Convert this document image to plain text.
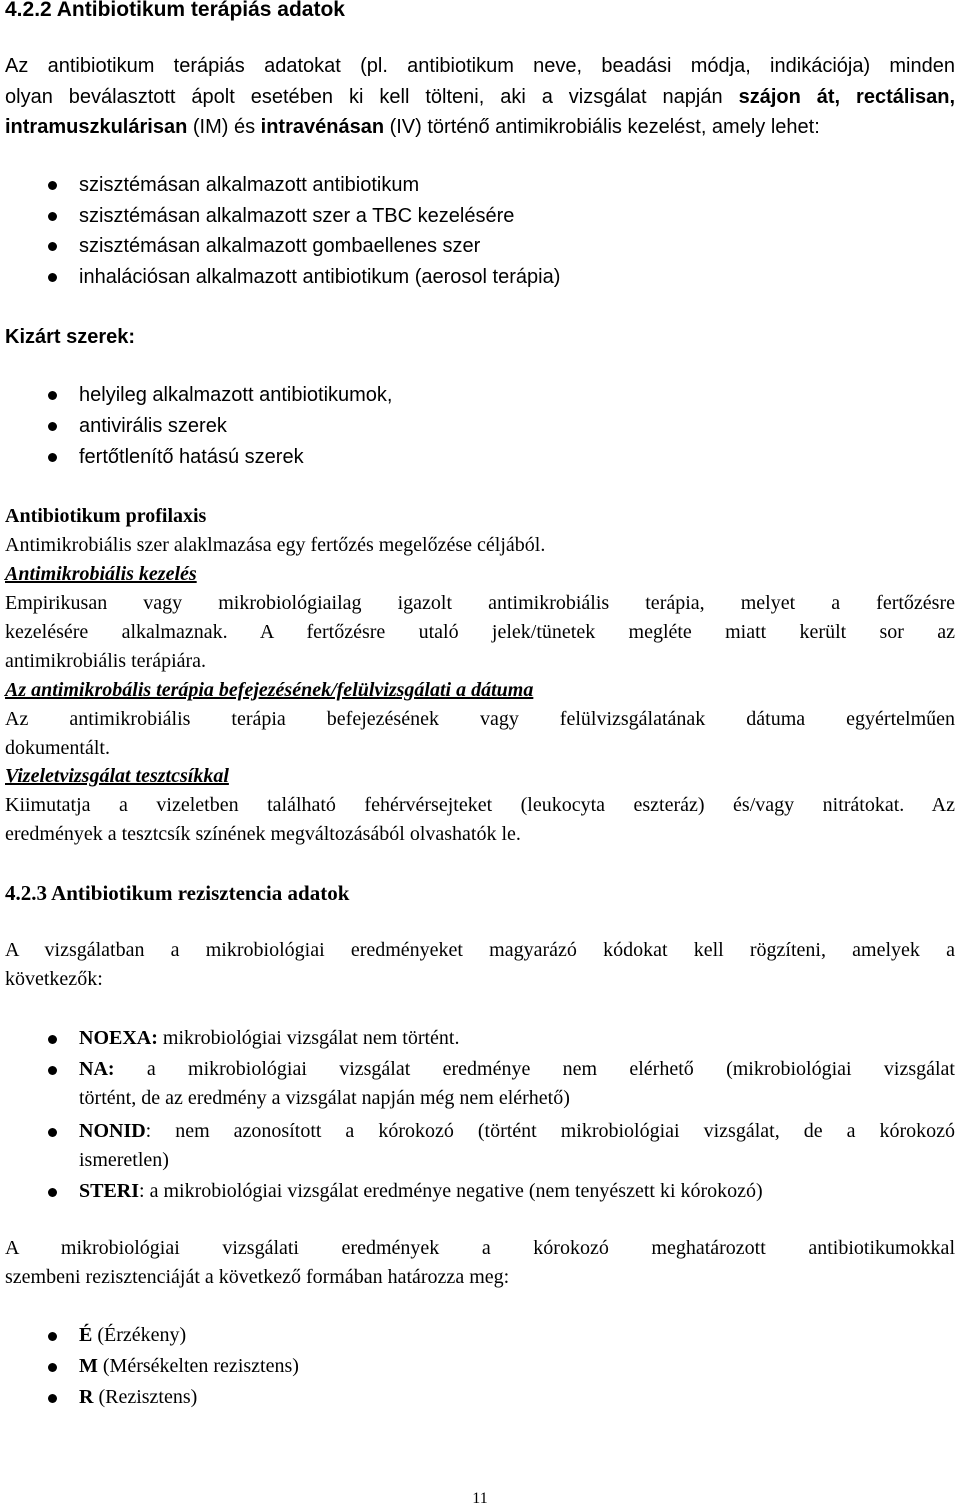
4.2.2 Antibiotikum terápiás adatok
Az antibiotikum terápiás adatokat (pl. antibiotikum neve, beadási módja, indikációja) minden
olyan beválasztott ápolt esetében ki kell tölteni, aki a vizsgálat napján szájon át, rectálisan,
intramuszkulárisan (IM) és intravénásan (IV) történő antimikrobiális kezelést, amely lehet:
szisztémásan alkalmazott antibiotikum
szisztémásan alkalmazott szer a TBC kezelésére
szisztémásan alkalmazott gombaellenes szer
inhalációsan alkalmazott antibiotikum (aerosol terápia)
Kizárt szerek:
helyileg alkalmazott antibiotikumok,
antivirális szerek
fertőtlenítő hatású szerek
Antibiotikum profilaxis
Antimikrobiális szer alaklmazása egy fertőzés megelőzése céljából.
Antimikrobiális kezelés
Empirikusan vagy mikrobiológiailag igazolt antimikrobiális terápia, melyet a fertőzésre
kezelésére alkalmaznak. A fertőzésre utaló jelek/tünetek megléte miatt került sor az
antimikrobiális terápiára.
Az antimikrobális terápia befejezésének/felülvizsgálati a dátuma
Az antimikrobiális terápia befejezésének vagy felülvizsgálatának dátuma egyértelműen
dokumentált.
Vizeletvizsgálat tesztcsíkkal
Kiimutatja a vizeletben található fehérvérsejteket (leukocyta eszteráz) és/vagy nitrátokat. Az
eredmények a tesztcsík színének megváltozásából olvashatók le.
4.2.3 Antibiotikum rezisztencia adatok
A vizsgálatban a mikrobiológiai eredményeket magyarázó kódokat kell rögzíteni, amelyek a
következők:
NOEXA: mikrobiológiai vizsgálat nem történt.
NA: a mikrobiológiai vizsgálat eredménye nem elérhető (mikrobiológiai vizsgálat
történt, de az eredmény a vizsgálat napján még nem elérhető)
NONID: nem azonosított a kórokozó (történt mikrobiológiai vizsgálat, de a kórokozó
ismeretlen)
STERI: a mikrobiológiai vizsgálat eredménye negative (nem tenyészett ki kórokozó)
A mikrobiológiai vizsgálati eredmények a kórokozó meghatározott antibiotikumokkal
szembeni rezisztenciáját a következő formában határozza meg:
É (Érzékeny)
M (Mérsékelten rezisztens)
R (Rezisztens)
11
